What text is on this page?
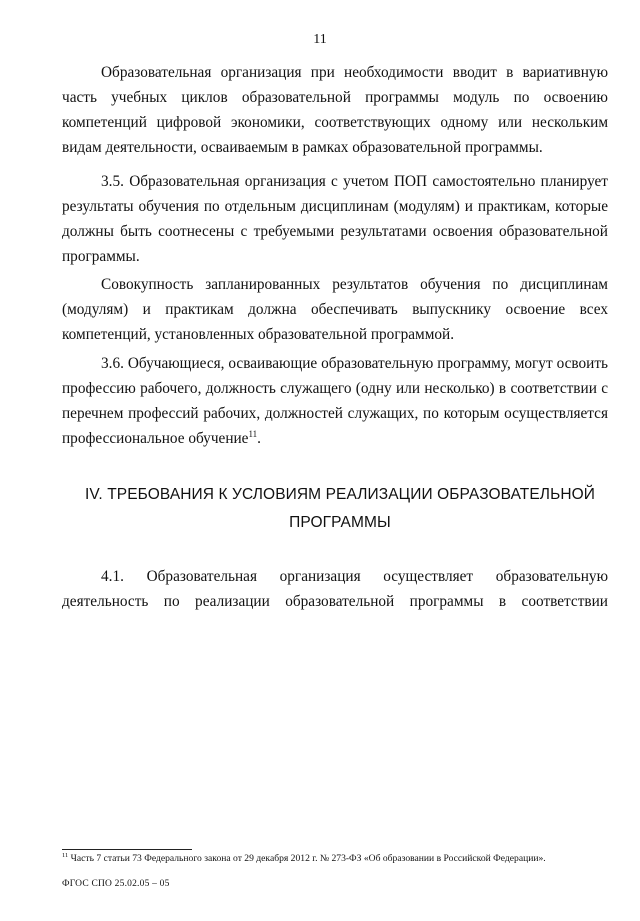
11

Образовательная организация при необходимости вводит в вариативную часть учебных циклов образовательной программы модуль по освоению компетенций цифровой экономики, соответствующих одному или нескольким видам деятельности, осваиваемым в рамках образовательной программы.

3.5. Образовательная организация с учетом ПОП самостоятельно планирует результаты обучения по отдельным дисциплинам (модулям) и практикам, которые должны быть соотнесены с требуемыми результатами освоения образовательной программы.

Совокупность запланированных результатов обучения по дисциплинам (модулям) и практикам должна обеспечивать выпускнику освоение всех компетенций, установленных образовательной программой.

3.6. Обучающиеся, осваивающие образовательную программу, могут освоить профессию рабочего, должность служащего (одну или несколько) в соответствии с перечнем профессий рабочих, должностей служащих, по которым осуществляется профессиональное обучение$^{11}$.

IV. ТРЕБОВАНИЯ К УСЛОВИЯМ РЕАЛИЗАЦИИ ОБРАЗОВАТЕЛЬНОЙ
ПРОГРАММЫ

4.1. Образовательная организация осуществляет образовательную деятельность по реализации образовательной программы в соответствии

$^{11}$ Часть 7 статьи 73 Федерального закона от 29 декабря 2012 г. № 273-ФЗ «Об образовании в Российской Федерации».
ФГОС СПО 25.02.05 – 05
